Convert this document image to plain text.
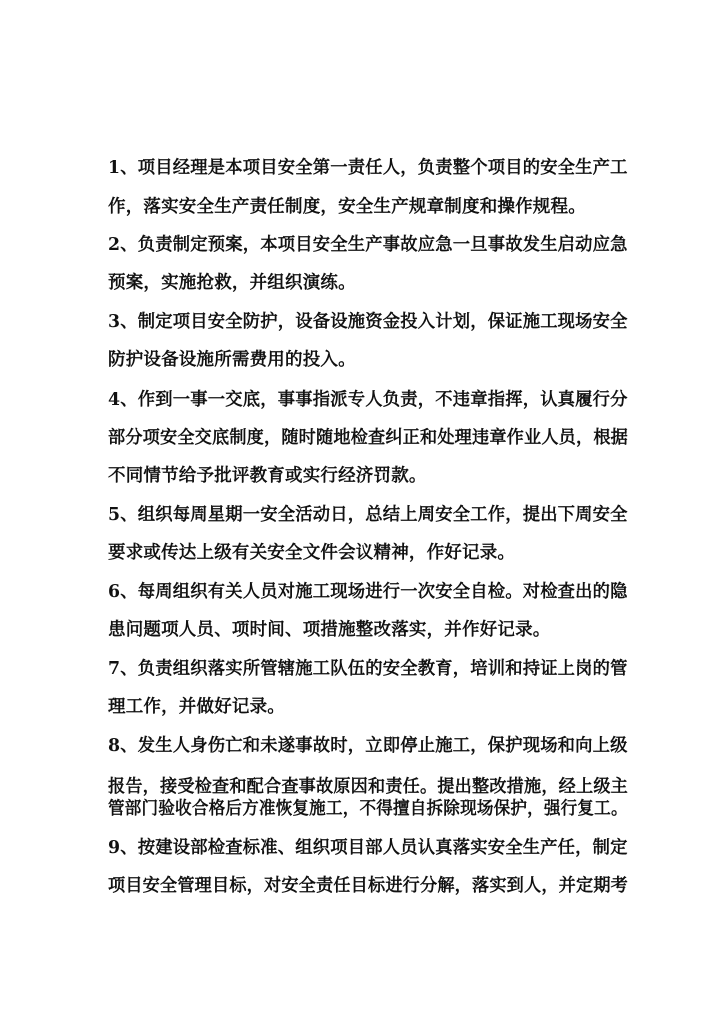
1、项目经理是本项目安全第一责任人，负责整个项目的安全生产工
作，落实安全生产责任制度，安全生产规章制度和操作规程。
2、负责制定预案，本项目安全生产事故应急一旦事故发生启动应急
预案，实施抢救，并组织演练。
3、制定项目安全防护，设备设施资金投入计划，保证施工现场安全
防护设备设施所需费用的投入。
4、作到一事一交底，事事指派专人负责，不违章指挥，认真履行分
部分项安全交底制度，随时随地检查纠正和处理违章作业人员，根据
不同情节给予批评教育或实行经济罚款。
5、组织每周星期一安全活动日，总结上周安全工作，提出下周安全
要求或传达上级有关安全文件会议精神，作好记录。
6、每周组织有关人员对施工现场进行一次安全自检。对检查出的隐
患问题项人员、项时间、项措施整改落实，并作好记录。
7、负责组织落实所管辖施工队伍的安全教育，培训和持证上岗的管
理工作，并做好记录。
8、发生人身伤亡和未遂事故时，立即停止施工，保护现场和向上级
报告，接受检查和配合查事故原因和责任。提出整改措施，经上级主
管部门验收合格后方准恢复施工，不得擅自拆除现场保护，强行复工。
9、按建设部检查标准、组织项目部人员认真落实安全生产任，制定
项目安全管理目标，对安全责任目标进行分解，落实到人，并定期考
